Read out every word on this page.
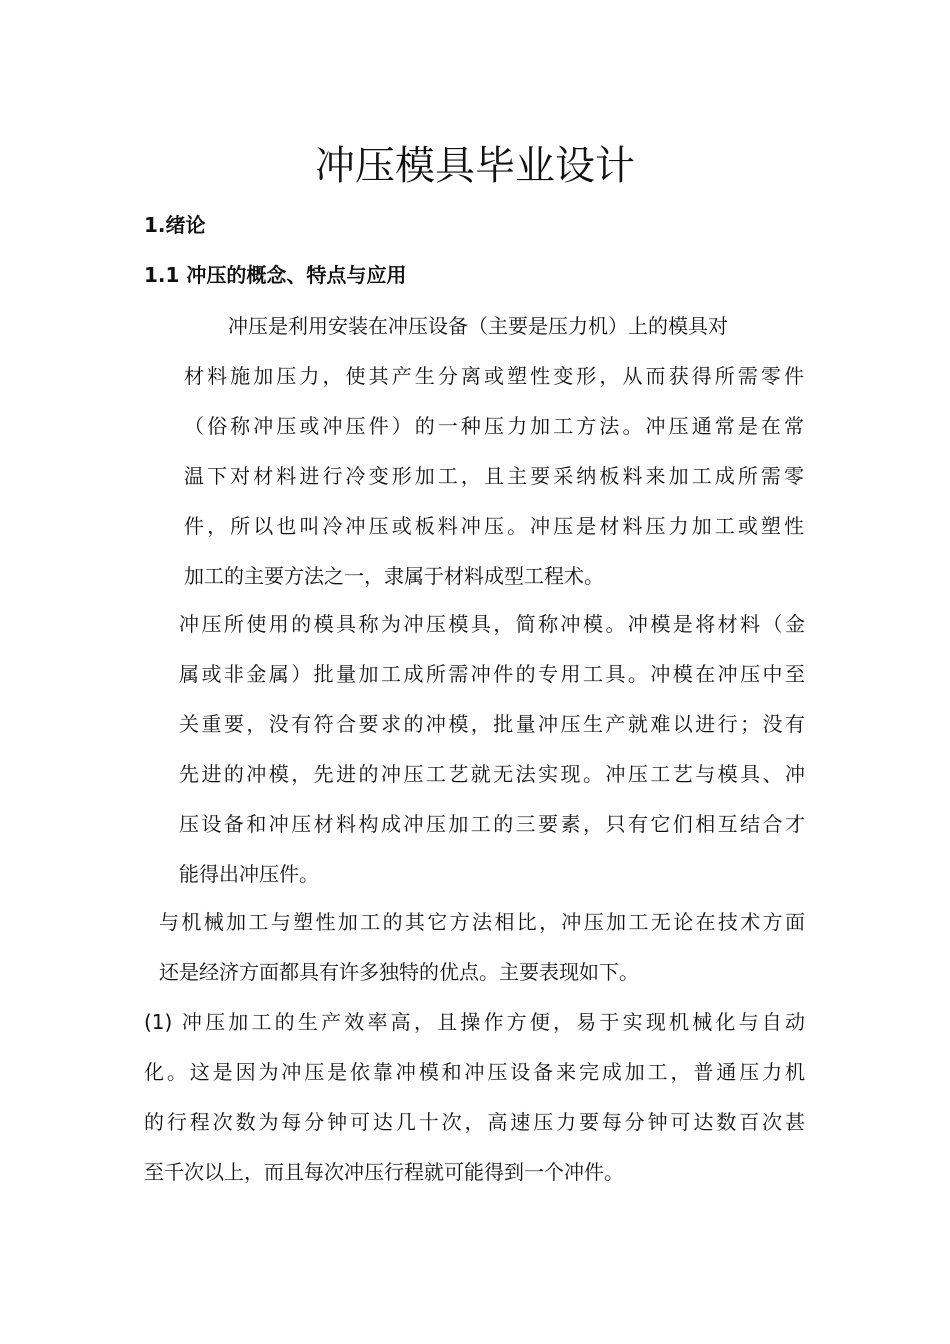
冲压模具毕业设计
1.绪论
1.1 冲压的概念、特点与应用
冲压是利用安装在冲压设备（主要是压力机）上的模具对
材料施加压力，使其产生分离或塑性变形，从而获得所需零件
（俗称冲压或冲压件）的一种压力加工方法。冲压通常是在常
温下对材料进行冷变形加工，且主要采纳板料来加工成所需零
件，所以也叫冷冲压或板料冲压。冲压是材料压力加工或塑性
加工的主要方法之一，隶属于材料成型工程术。
冲压所使用的模具称为冲压模具，简称冲模。冲模是将材料（金
属或非金属）批量加工成所需冲件的专用工具。冲模在冲压中至
关重要，没有符合要求的冲模，批量冲压生产就难以进行；没有
先进的冲模，先进的冲压工艺就无法实现。冲压工艺与模具、冲
压设备和冲压材料构成冲压加工的三要素，只有它们相互结合才
能得出冲压件。
与机械加工与塑性加工的其它方法相比，冲压加工无论在技术方面
还是经济方面都具有许多独特的优点。主要表现如下。
(1) 冲压加工的生产效率高，且操作方便，易于实现机械化与自动
化。这是因为冲压是依靠冲模和冲压设备来完成加工，普通压力机
的行程次数为每分钟可达几十次，高速压力要每分钟可达数百次甚
至千次以上，而且每次冲压行程就可能得到一个冲件。
